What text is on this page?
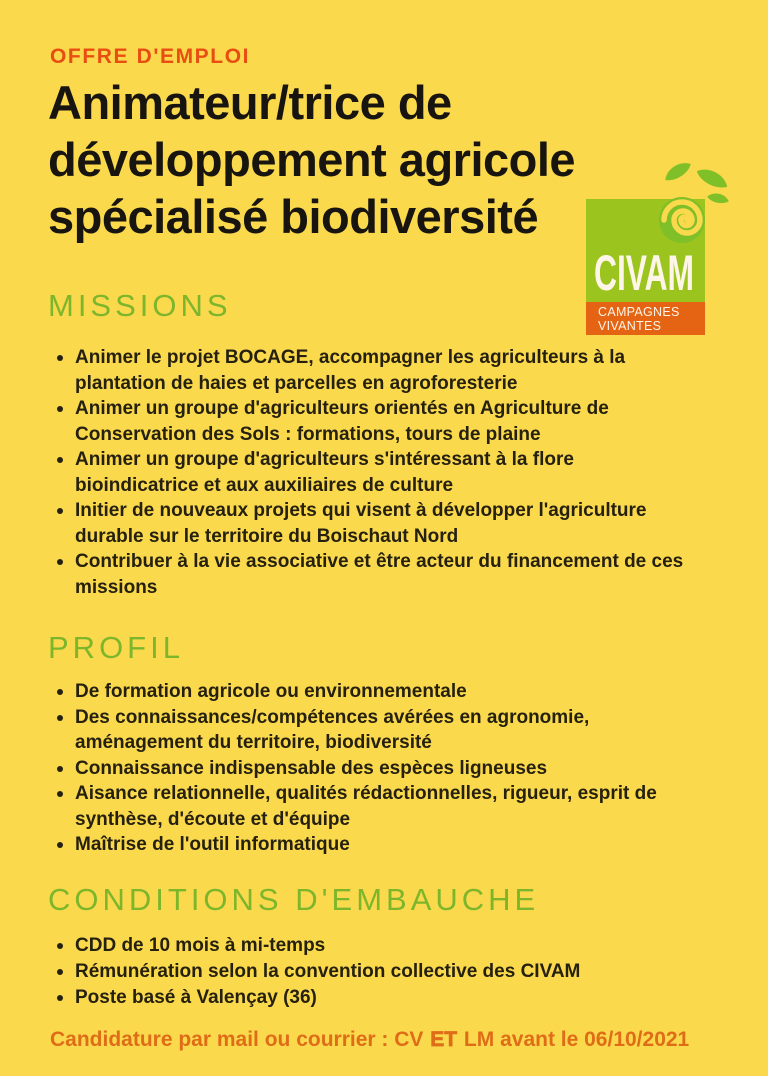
OFFRE D'EMPLOI
Animateur/trice de
développement agricole
spécialisé biodiversité
CIVAM
CAMPAGNES
VIVANTES
MISSIONS
Animer le projet BOCAGE, accompagner les agriculteurs à la plantation de haies et parcelles en agroforesterie
Animer un groupe d'agriculteurs orientés en Agriculture de Conservation des Sols : formations, tours de plaine
Animer un groupe d'agriculteurs s'intéressant à la flore bioindicatrice et aux auxiliaires de culture
Initier de nouveaux projets qui visent à développer l'agriculture durable sur le territoire du Boischaut Nord
Contribuer à la vie associative et être acteur du financement de ces missions
PROFIL
De formation agricole ou environnementale
Des connaissances/compétences avérées en agronomie, aménagement du territoire, biodiversité
Connaissance indispensable des espèces ligneuses
Aisance relationnelle, qualités rédactionnelles, rigueur, esprit de synthèse, d'écoute et d'équipe
Maîtrise de l'outil informatique
CONDITIONS D'EMBAUCHE
CDD de 10 mois à mi-temps
Rémunération selon la convention collective des CIVAM
Poste basé à Valençay (36)
Candidature par mail ou courrier : CV ET LM avant le 06/10/2021
